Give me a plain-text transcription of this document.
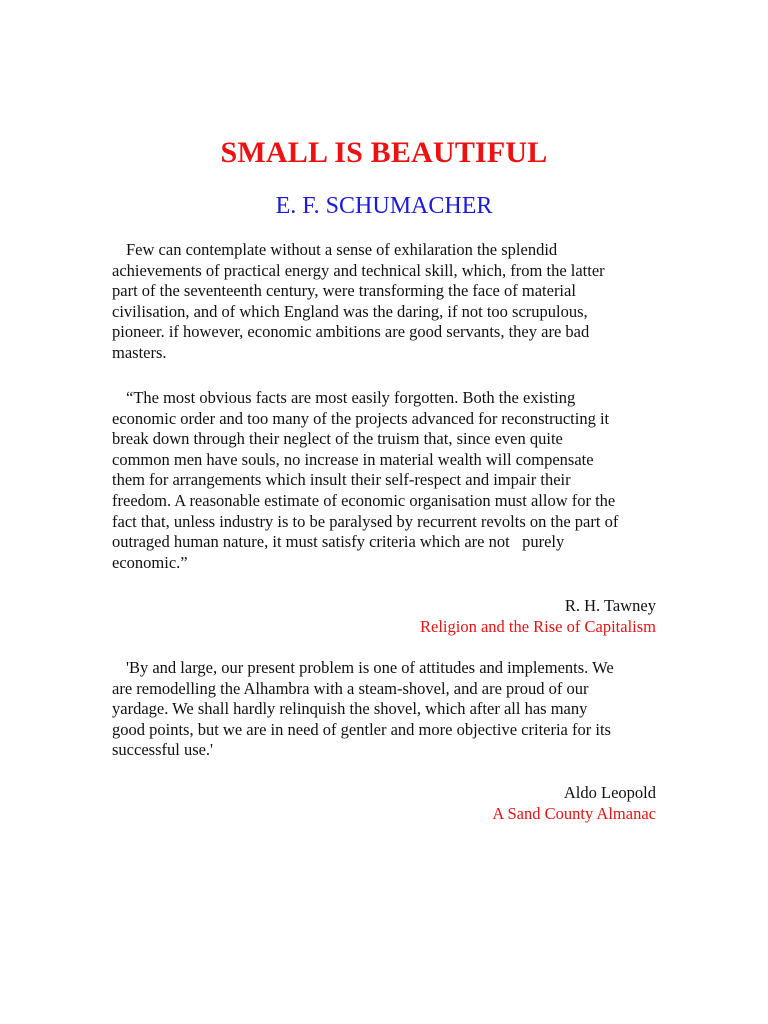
SMALL IS BEAUTIFUL
E. F. SCHUMACHER
Few can contemplate without a sense of exhilaration the splendid
achievements of practical energy and technical skill, which, from the latter
part of the seventeenth century, were transforming the face of material
civilisation, and of which England was the daring, if not too scrupulous,
pioneer. if however, economic ambitions are good servants, they are bad
masters.
“The most obvious facts are most easily forgotten. Both the existing
economic order and too many of the projects advanced for reconstructing it
break down through their neglect of the truism that, since even quite
common men have souls, no increase in material wealth will compensate
them for arrangements which insult their self-respect and impair their
freedom. A reasonable estimate of economic organisation must allow for the
fact that, unless industry is to be paralysed by recurrent revolts on the part of
outraged human nature, it must satisfy criteria which are not   purely
economic.”
R. H. Tawney
Religion and the Rise of Capitalism
'By and large, our present problem is one of attitudes and implements. We
are remodelling the Alhambra with a steam-shovel, and are proud of our
yardage. We shall hardly relinquish the shovel, which after all has many
good points, but we are in need of gentler and more objective criteria for its
successful use.'
Aldo Leopold
A Sand County Almanac
